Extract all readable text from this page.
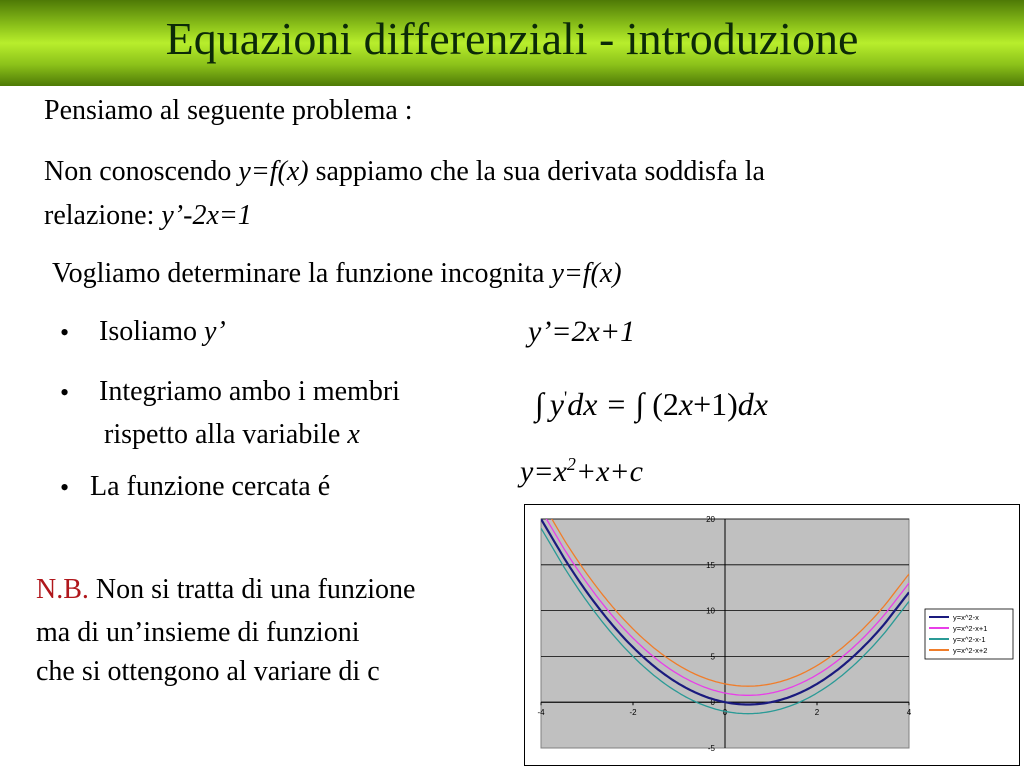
Equazioni differenziali - introduzione
Pensiamo al seguente problema :
Non conoscendo y=f(x) sappiamo che la sua derivata soddisfa la
relazione: y’-2x=1
Vogliamo determinare la funzione incognita y=f(x)
• Isoliamo y’
• Integriamo ambo i membri
rispetto alla variabile x
• La funzione cercata é
y’=2x+1
∫ y'dx = ∫ (2x+1)dx
$y=x^2+x+c$
N.B. Non si tratta di una funzione
ma di un’insieme di funzioni
che si ottengono al variare di c
-5
0
5
10
15
20
-4	-2	0	2	4
y=x^2-x
y=x^2-x+1
y=x^2-x-1
y=x^2-x+2
